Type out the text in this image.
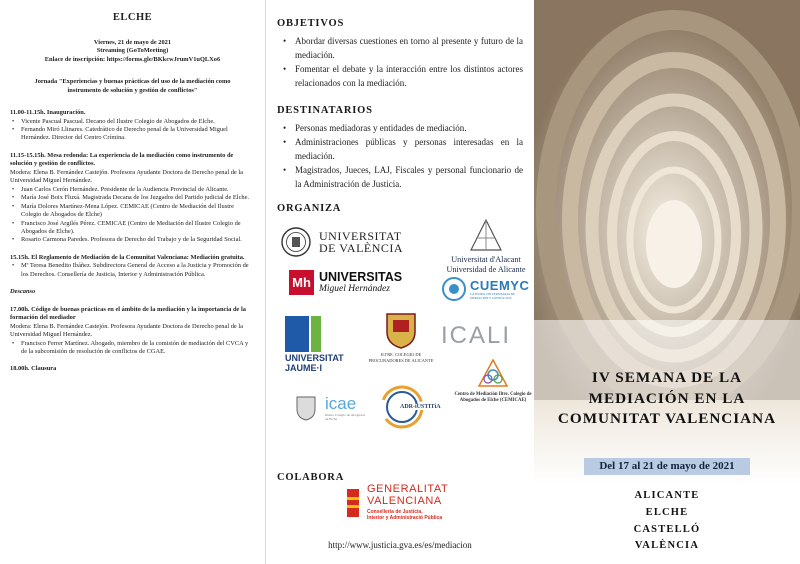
ELCHE
Viernes, 21 de mayo de 2021
Streaming (GoToMeeting)
Enlace de inscripción: https://forms.gle/BKkcwJrumV1uQLXo6
Jornada "Experiencias y buenas prácticas del uso de la mediación como instrumento de solución y gestión de conflictos"
11.00-11.15h. Inauguración.
• Vicente Pascual Pascual. Decano del Ilustre Colegio de Abogados de Elche.
• Fernando Miró Llinares. Catedrático de Derecho penal de la Universidad Miguel Hernández. Director del Centro Crímina.
11.15-15.15h. Mesa redonda: La experiencia de la mediación como instrumento de solución y gestión de conflictos.
Modera: Elena B. Fernández Castejón. Profesora Ayudante Doctora de Derecho penal de la Universidad Miguel Hernández.
• Juan Carlos Cerón Hernández. Presidente de la Audiencia Provincial de Alicante.
• María José Boix Fluxá. Magistrada Decana de los Juzgados del Partido judicial de Elche.
• María Dolores Martínez-Mena López. CEMICAE (Centro de Mediación del Ilustre Colegio de Abogados de Elche)
• Francisco José Argilés Pérez. CEMICAE (Centro de Mediación del Ilustre Colegio de Abogados de Elche).
• Rosario Carmona Paredes. Profesora de Derecho del Trabajo y de la Seguridad Social.
15.15h. El Reglamento de Mediación de la Comunitat Valenciana: Mediación gratuita.
• Mª Teresa Benedito Ibáñez. Subdirectora General de Acceso a la Justicia y Promoción de los Derechos. Consellería de Justicia, Interior y Administración Pública.
Descanso
17.00h. Código de buenas prácticas en el ámbito de la mediación y la importancia de la formación del mediador
Modera: Elena B. Fernández Castejón. Profesora Ayudante Doctora de Derecho penal de la Universidad Miguel Hernández.
• Francisco Ferrer Martínez. Abogado, miembro de la comisión de mediación del CVCA y de la subcomisión de resolución de conflictos de CGAE.
18.00h. Clausura
OBJETIVOS
• Abordar diversas cuestiones en torno al presente y futuro de la mediación.
• Fomentar el debate y la interacción entre los distintos actores relacionados con la mediación.
DESTINATARIOS
• Personas mediadoras y entidades de mediación.
• Administraciones públicas y personas interesadas en la mediación.
• Magistrados, Jueces, LAJ, Fiscales y personal funcionario de la Administración de Justicia.
ORGANIZA
UNIVERSITAT
DE VALÈNCIA
Universitat d'Alacant
Universidad de Alicante
Mh UNIVERSITAS
Miguel Hernández	CUEMYC
CÁTEDRA UNIVERSITARIA DE MEDIACIÓN Y CONFLICTOS
UNIVERSITAT
JAUME·I
ILTRE. COLEGIO DE PROCURADORES DE ALICANTE
ICALI
Centro de Mediación Iltre. Colegio de Abogados de Elche (CEMICAE)
icae
Ilustre Colegio de Abogados de Elche
ADR-iUSTITiA
COLABORA
GENERALITAT
VALENCIANA
Conselleria de Justícia,
Interior y Administració Pública
http://www.justicia.gva.es/es/mediacion
IV SEMANA DE LA
MEDIACIÓN EN LA
COMUNITAT VALENCIANA
Del 17 al 21 de mayo de 2021
ALICANTE
ELCHE
CASTELLÓ
VALÈNCIA
